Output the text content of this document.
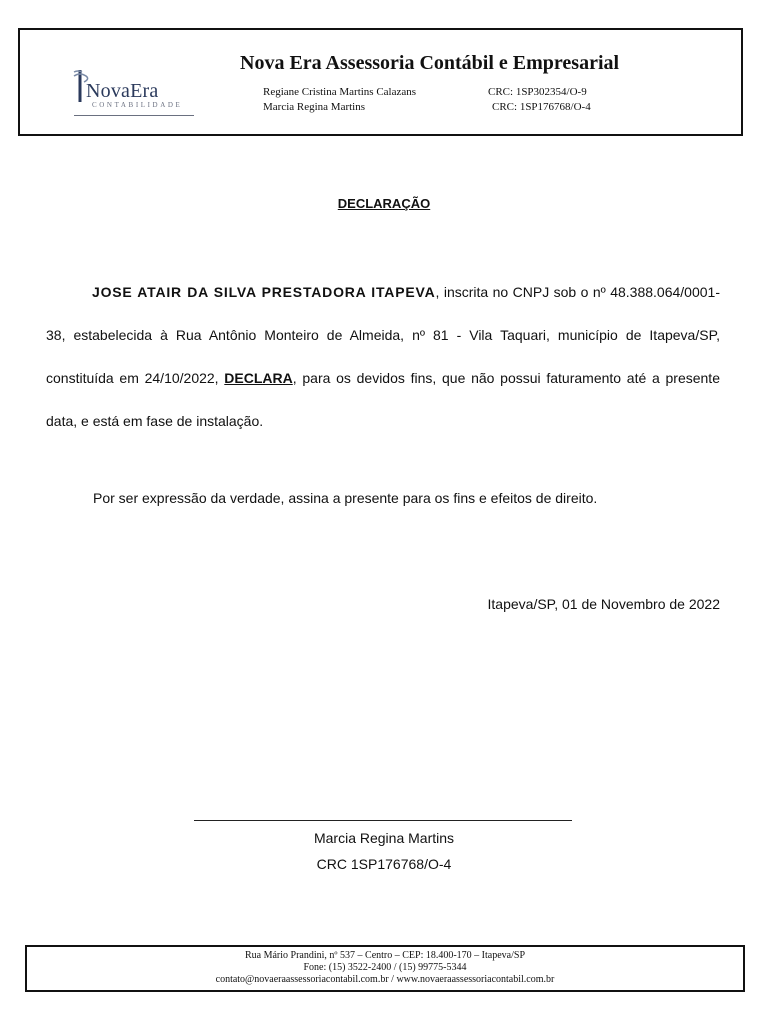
NovaEra
CONTABILIDADE
Nova Era Assessoria Contábil e Empresarial
Regiane Cristina Martins Calazans	CRC: 1SP302354/O-9
Marcia Regina Martins	CRC: 1SP176768/O-4
DECLARAÇÃO

JOSE ATAIR DA SILVA PRESTADORA ITAPEVA, inscrita no CNPJ sob o nº 48.388.064/0001-38, estabelecida à Rua Antônio Monteiro de Almeida, nº 81 - Vila Taquari, município de Itapeva/SP, constituída em 24/10/2022, DECLARA, para os devidos fins, que não possui faturamento até a presente data, e está em fase de instalação.

Por ser expressão da verdade, assina a presente para os fins e efeitos de direito.
Itapeva/SP, 01 de Novembro de 2022
Marcia Regina Martins
CRC 1SP176768/O-4
Rua Mário Prandini, nº 537 – Centro – CEP: 18.400-170 – Itapeva/SP
Fone: (15) 3522-2400 / (15) 99775-5344
contato@novaeraassessoriacontabil.com.br / www.novaeraassessoriacontabil.com.br
